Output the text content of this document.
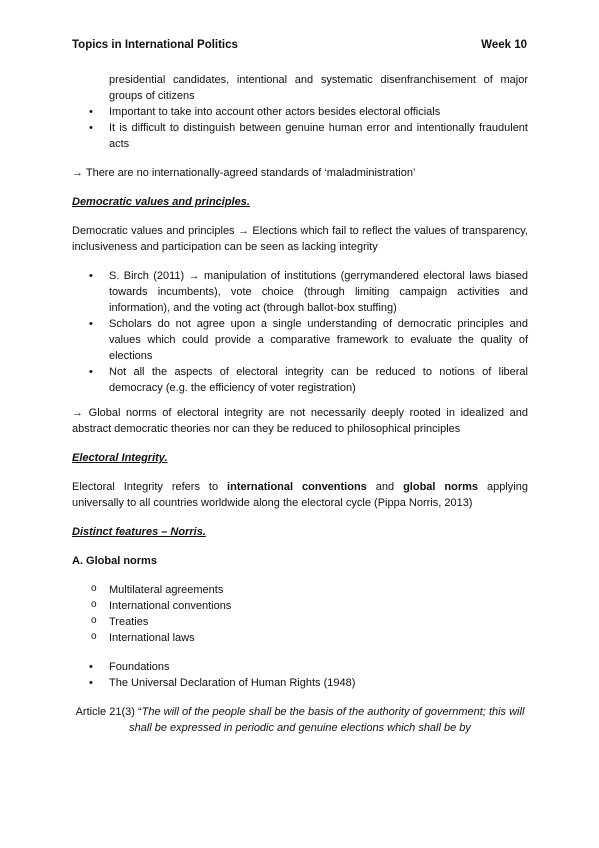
Topics in International Politics	Week 10
presidential candidates, intentional and systematic disenfranchisement of major groups of citizens
• Important to take into account other actors besides electoral officials
• It is difficult to distinguish between genuine human error and intentionally fraudulent acts

→ There are no internationally-agreed standards of ‘maladministration’

Democratic values and principles.

Democratic values and principles → Elections which fail to reflect the values of transparency, inclusiveness and participation can be seen as lacking integrity

• S. Birch (2011) → manipulation of institutions (gerrymandered electoral laws biased towards incumbents), vote choice (through limiting campaign activities and information), and the voting act (through ballot-box stuffing)
• Scholars do not agree upon a single understanding of democratic principles and values which could provide a comparative framework to evaluate the quality of elections
• Not all the aspects of electoral integrity can be reduced to notions of liberal democracy (e.g. the efficiency of voter registration)

→ Global norms of electoral integrity are not necessarily deeply rooted in idealized and abstract democratic theories nor can they be reduced to philosophical principles

Electoral Integrity.

Electoral Integrity refers to international conventions and global norms applying universally to all countries worldwide along the electoral cycle (Pippa Norris, 2013)

Distinct features – Norris.

A. Global norms

o Multilateral agreements
o International conventions
o Treaties
o International laws
• Foundations
• The Universal Declaration of Human Rights (1948)

Article 21(3) “The will of the people shall be the basis of the authority of government; this will shall be expressed in periodic and genuine elections which shall be by
